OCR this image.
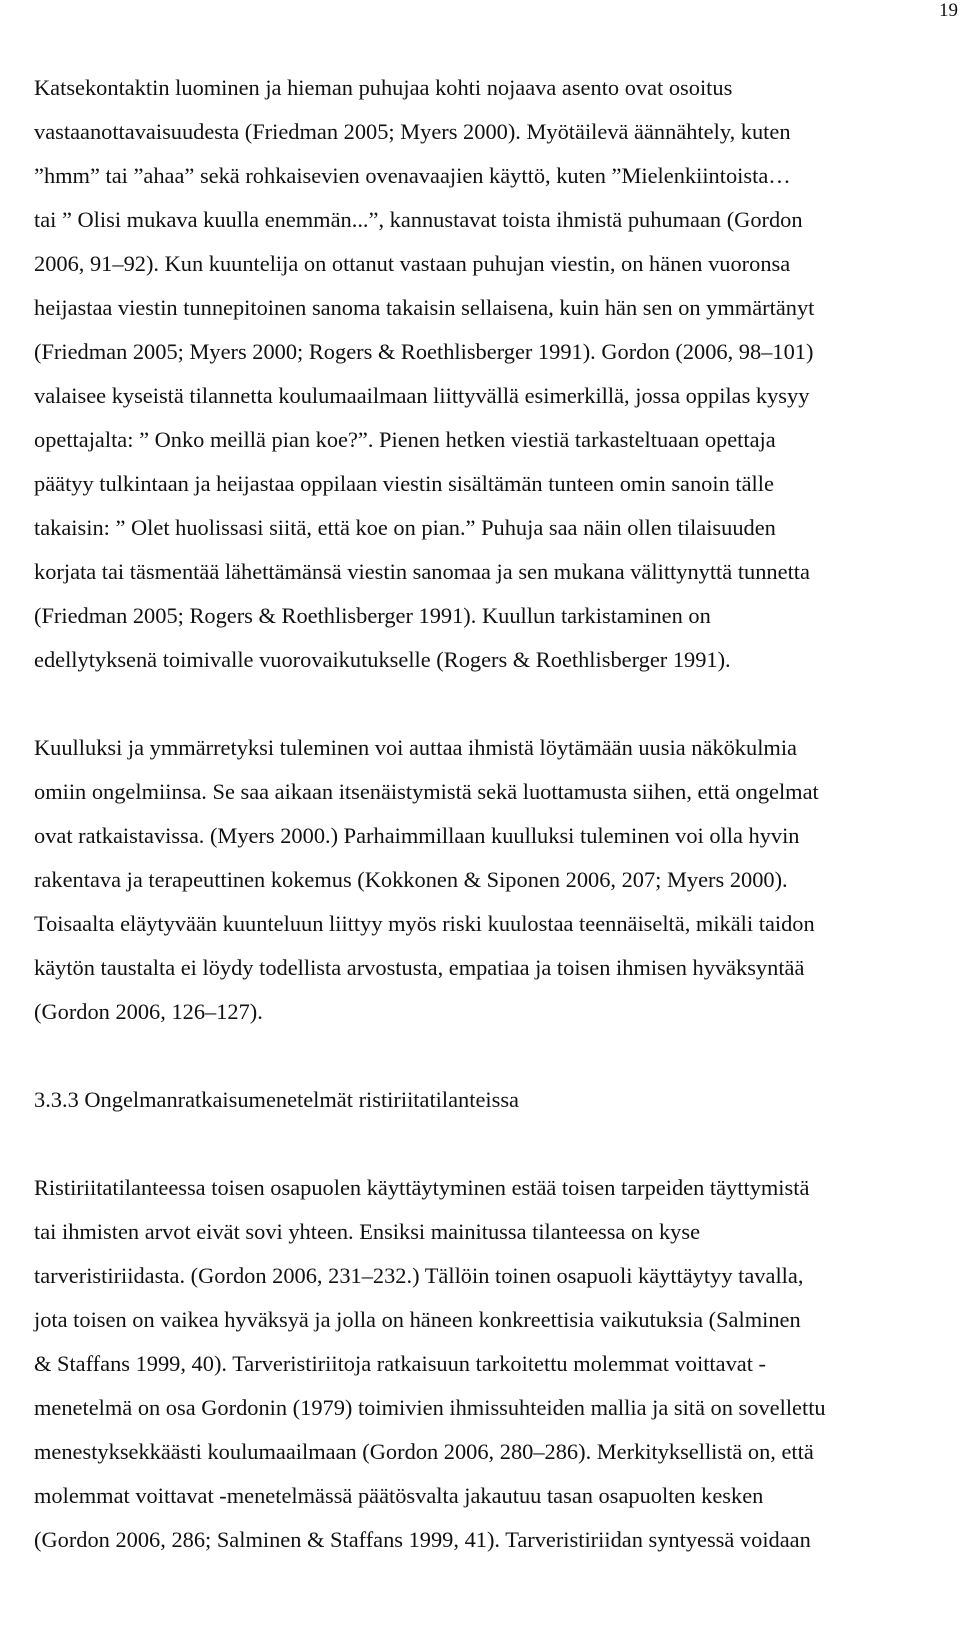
19
Katsekontaktin luominen ja hieman puhujaa kohti nojaava asento ovat osoitus
vastaanottavaisuudesta (Friedman 2005; Myers 2000). Myötäilevä äännähtely, kuten
”hmm” tai ”ahaa” sekä rohkaisevien ovenavaajien käyttö, kuten ”Mielenkiintoista…
tai ” Olisi mukava kuulla enemmän...”, kannustavat toista ihmistä puhumaan (Gordon
2006, 91–92). Kun kuuntelija on ottanut vastaan puhujan viestin, on hänen vuoronsa
heijastaa viestin tunnepitoinen sanoma takaisin sellaisena, kuin hän sen on ymmärtänyt
(Friedman 2005; Myers 2000; Rogers & Roethlisberger 1991). Gordon (2006, 98–101)
valaisee kyseistä tilannetta koulumaailmaan liittyvällä esimerkillä, jossa oppilas kysyy
opettajalta: ” Onko meillä pian koe?”. Pienen hetken viestiä tarkasteltuaan opettaja
päätyy tulkintaan ja heijastaa oppilaan viestin sisältämän tunteen omin sanoin tälle
takaisin: ” Olet huolissasi siitä, että koe on pian.” Puhuja saa näin ollen tilaisuuden
korjata tai täsmentää lähettämänsä viestin sanomaa ja sen mukana välittynyttä tunnetta
(Friedman 2005; Rogers & Roethlisberger 1991). Kuullun tarkistaminen on
edellytyksenä toimivalle vuorovaikutukselle (Rogers & Roethlisberger 1991).
Kuulluksi ja ymmärretyksi tuleminen voi auttaa ihmistä löytämään uusia näkökulmia
omiin ongelmiinsa. Se saa aikaan itsenäistymistä sekä luottamusta siihen, että ongelmat
ovat ratkaistavissa. (Myers 2000.) Parhaimmillaan kuulluksi tuleminen voi olla hyvin
rakentava ja terapeuttinen kokemus (Kokkonen & Siponen 2006, 207; Myers 2000).
Toisaalta eläytyvään kuunteluun liittyy myös riski kuulostaa teennäiseltä, mikäli taidon
käytön taustalta ei löydy todellista arvostusta, empatiaa ja toisen ihmisen hyväksyntää
(Gordon 2006, 126–127).
3.3.3 Ongelmanratkaisumenetelmät ristiriitatilanteissa
Ristiriitatilanteessa toisen osapuolen käyttäytyminen estää toisen tarpeiden täyttymistä
tai ihmisten arvot eivät sovi yhteen. Ensiksi mainitussa tilanteessa on kyse
tarveristiriidasta. (Gordon 2006, 231–232.) Tällöin toinen osapuoli käyttäytyy tavalla,
jota toisen on vaikea hyväksyä ja jolla on häneen konkreettisia vaikutuksia (Salminen
& Staffans 1999, 40). Tarveristiriitoja ratkaisuun tarkoitettu molemmat voittavat -
menetelmä on osa Gordonin (1979) toimivien ihmissuhteiden mallia ja sitä on sovellettu
menestyksekkäästi koulumaailmaan (Gordon 2006, 280–286). Merkityksellistä on, että
molemmat voittavat -menetelmässä päätösvalta jakautuu tasan osapuolten kesken
(Gordon 2006, 286; Salminen & Staffans 1999, 41). Tarveristiriidan syntyessä voidaan
